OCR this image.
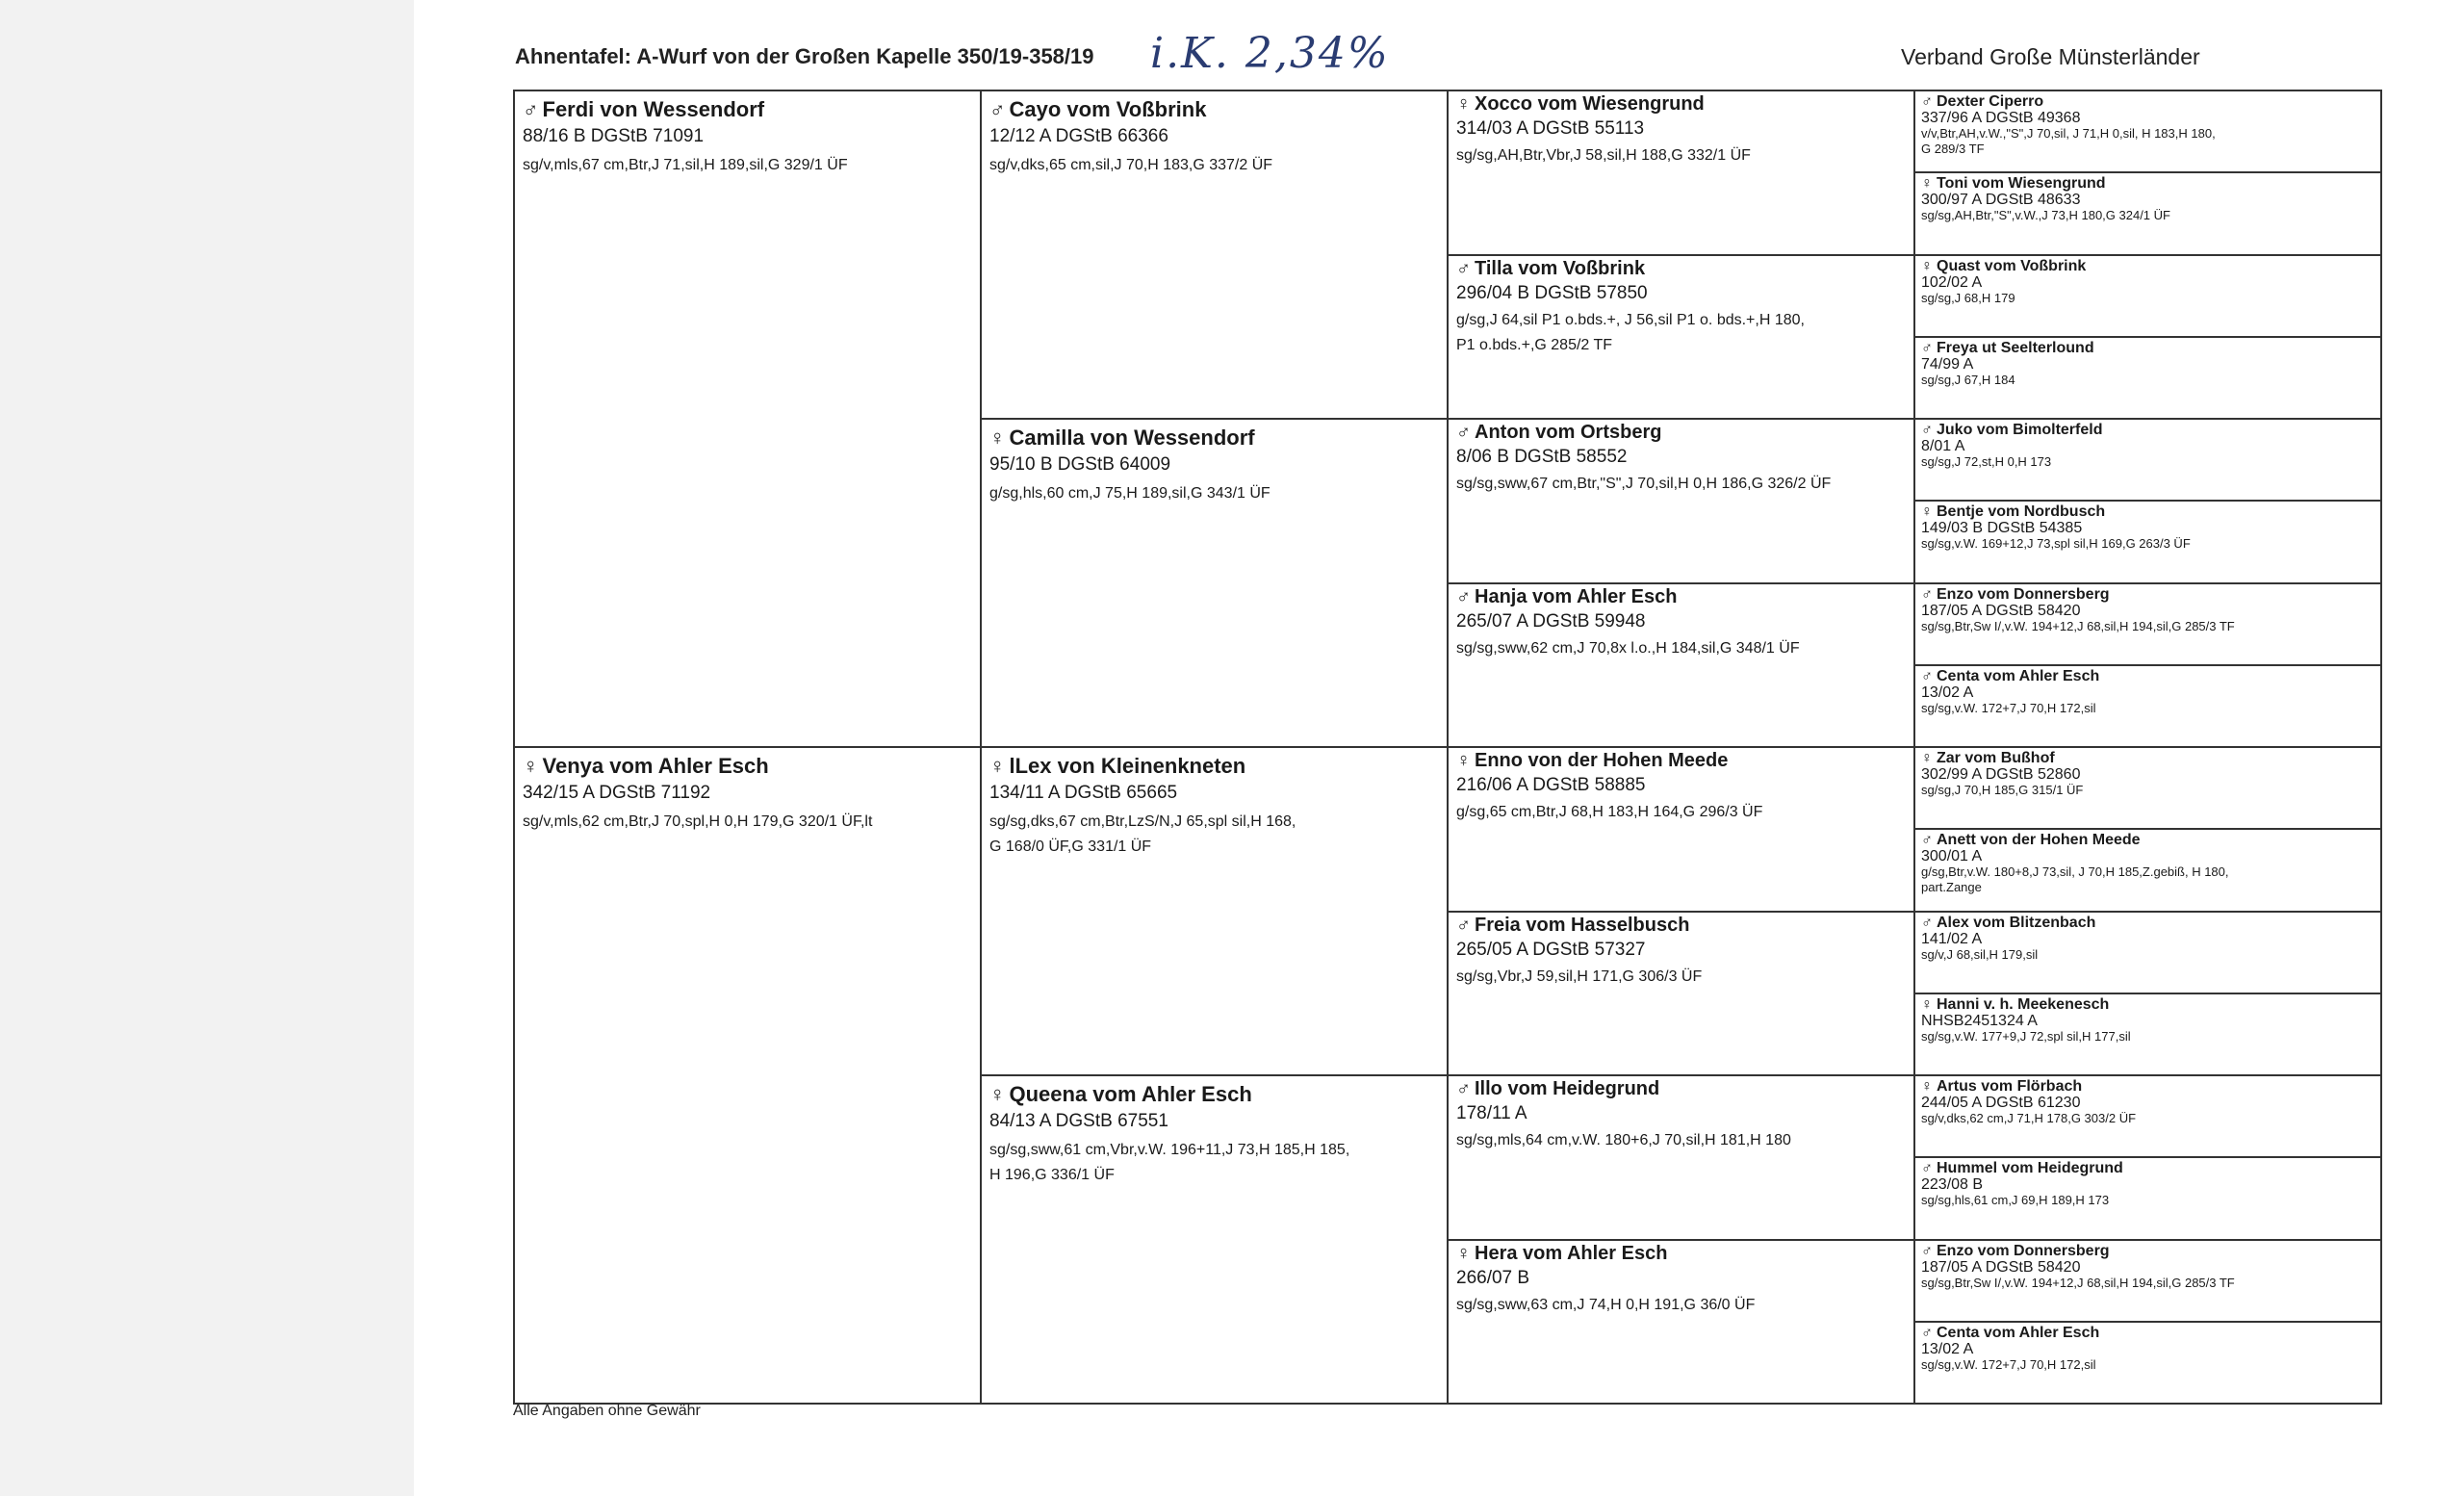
Ahnentafel: A-Wurf von der Großen Kapelle 350/19-358/19 i.K. 2,34%	Verband Große Münsterländer
♂ Ferdi von Wessendorf
88/16 B DGStB 71091
sg/v,mls,67 cm,Btr,J 71,sil,H 189,sil,G 329/1 ÜF
♀ Venya vom Ahler Esch
342/15 A DGStB 71192
sg/v,mls,62 cm,Btr,J 70,spl,H 0,H 179,G 320/1 ÜF,lt
♂ Cayo vom Voßbrink
12/12 A DGStB 66366
sg/v,dks,65 cm,sil,J 70,H 183,G 337/2 ÜF
♀ Camilla von Wessendorf
95/10 B DGStB 64009
g/sg,hls,60 cm,J 75,H 189,sil,G 343/1 ÜF
♀ lLex von Kleinenkneten
134/11 A DGStB 65665
sg/sg,dks,67 cm,Btr,LzS/N,J 65,spl sil,H 168,
G 168/0 ÜF,G 331/1 ÜF
♀ Queena vom Ahler Esch
84/13 A DGStB 67551
sg/sg,sww,61 cm,Vbr,v.W. 196+11,J 73,H 185,H 185,
H 196,G 336/1 ÜF
♀ Xocco vom Wiesengrund
314/03 A DGStB 55113
sg/sg,AH,Btr,Vbr,J 58,sil,H 188,G 332/1 ÜF
♂ Tilla vom Voßbrink
296/04 B DGStB 57850
g/sg,J 64,sil P1 o.bds.+, J 56,sil P1 o. bds.+,H 180,
P1 o.bds.+,G 285/2 TF
♂ Anton vom Ortsberg
8/06 B DGStB 58552
sg/sg,sww,67 cm,Btr,"S",J 70,sil,H 0,H 186,G 326/2 ÜF
♂ Hanja vom Ahler Esch
265/07 A DGStB 59948
sg/sg,sww,62 cm,J 70,8x l.o.,H 184,sil,G 348/1 ÜF
♀ Enno von der Hohen Meede
216/06 A DGStB 58885
g/sg,65 cm,Btr,J 68,H 183,H 164,G 296/3 ÜF
♂ Freia vom Hasselbusch
265/05 A DGStB 57327
sg/sg,Vbr,J 59,sil,H 171,G 306/3 ÜF
♂ Illo vom Heidegrund
178/11 A
sg/sg,mls,64 cm,v.W. 180+6,J 70,sil,H 181,H 180
♀ Hera vom Ahler Esch
266/07 B
sg/sg,sww,63 cm,J 74,H 0,H 191,G 36/0 ÜF
♂ Dexter Ciperro
337/96 A DGStB 49368
v/v,Btr,AH,v.W.,"S",J 70,sil, J 71,H 0,sil, H 183,H 180,
G 289/3 TF
♀ Toni vom Wiesengrund
300/97 A DGStB 48633
sg/sg,AH,Btr,"S",v.W.,J 73,H 180,G 324/1 ÜF
♀ Quast vom Voßbrink
102/02 A
sg/sg,J 68,H 179
♂ Freya ut Seelterlound
74/99 A
sg/sg,J 67,H 184
♂ Juko vom Bimolterfeld
8/01 A
sg/sg,J 72,st,H 0,H 173
♀ Bentje vom Nordbusch
149/03 B DGStB 54385
sg/sg,v.W. 169+12,J 73,spl sil,H 169,G 263/3 ÜF
♂ Enzo vom Donnersberg
187/05 A DGStB 58420
sg/sg,Btr,Sw I/,v.W. 194+12,J 68,sil,H 194,sil,G 285/3 TF
♂ Centa vom Ahler Esch
13/02 A
sg/sg,v.W. 172+7,J 70,H 172,sil
♀ Zar vom Bußhof
302/99 A DGStB 52860
sg/sg,J 70,H 185,G 315/1 ÜF
♂ Anett von der Hohen Meede
300/01 A
g/sg,Btr,v.W. 180+8,J 73,sil, J 70,H 185,Z.gebiß, H 180,
part.Zange
♂ Alex vom Blitzenbach
141/02 A
sg/v,J 68,sil,H 179,sil
♀ Hanni v. h. Meekenesch
NHSB2451324 A
sg/sg,v.W. 177+9,J 72,spl sil,H 177,sil
♀ Artus vom Flörbach
244/05 A DGStB 61230
sg/v,dks,62 cm,J 71,H 178,G 303/2 ÜF
♂ Hummel vom Heidegrund
223/08 B
sg/sg,hls,61 cm,J 69,H 189,H 173
♂ Enzo vom Donnersberg
187/05 A DGStB 58420
sg/sg,Btr,Sw I/,v.W. 194+12,J 68,sil,H 194,sil,G 285/3 TF
♂ Centa vom Ahler Esch
13/02 A
sg/sg,v.W. 172+7,J 70,H 172,sil
Alle Angaben ohne Gewähr
